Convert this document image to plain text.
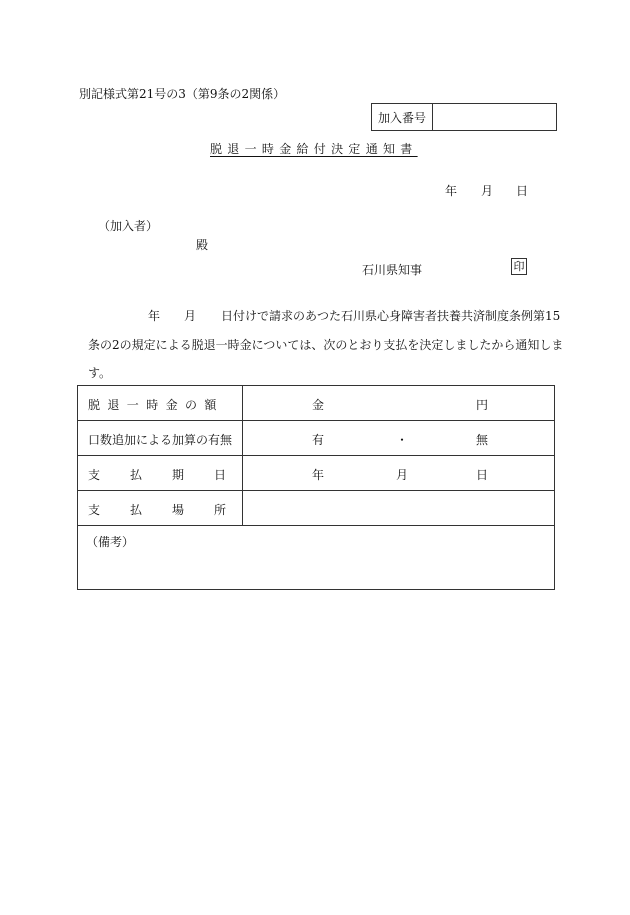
別記様式第21号の3（第9条の2関係）
加入番号
脱退一時金給付決定通知書
年 月 日
（加入者）
殿
石川県知事	印
年 月 日付けで請求のあつた石川県心身障害者扶養共済制度条例第15
条の2の規定による脱退一時金については、次のとおり支払を決定しましたから通知しま
す。
脱退一時金の額	金	円
口数追加による加算の有無	有	・	無
支払期日	年	月	日
支払場所
（備考）
